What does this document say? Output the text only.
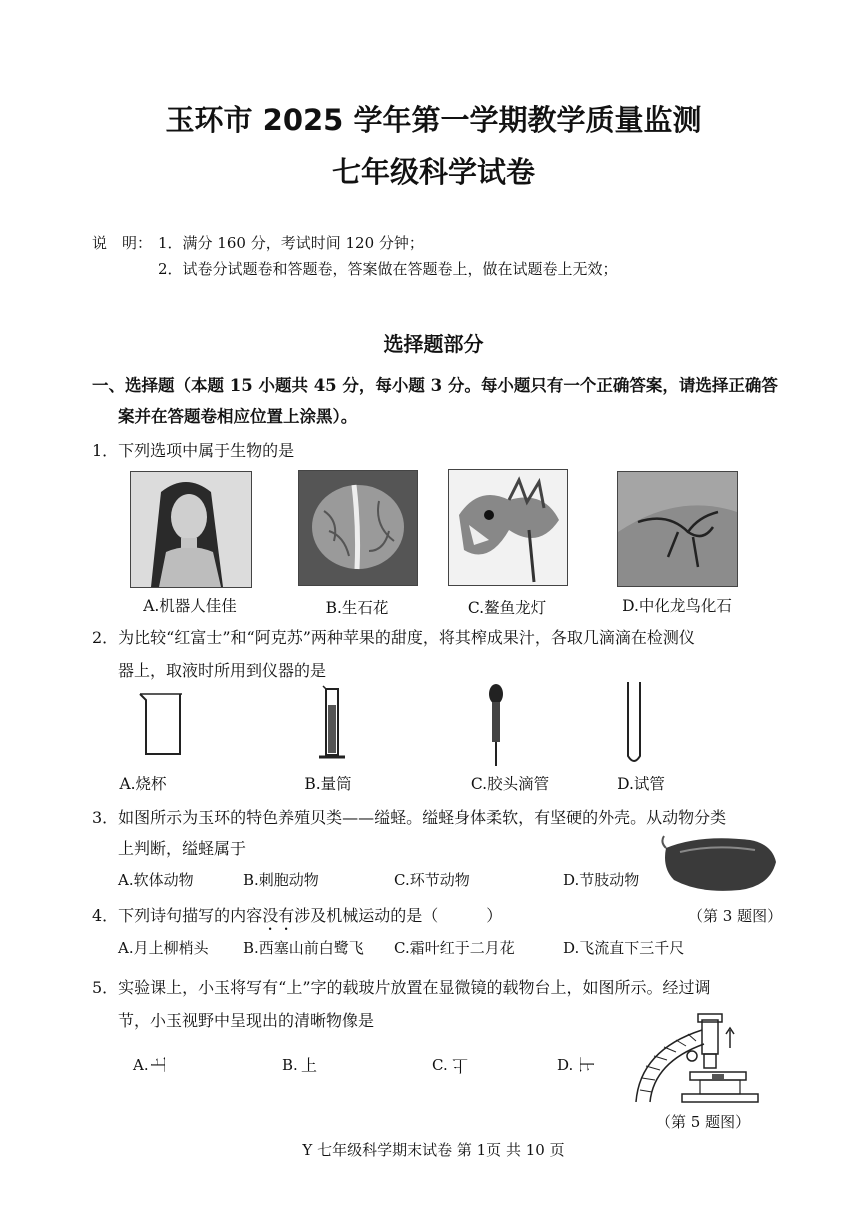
玉环市 2025 学年第一学期教学质量监测
七年级科学试卷
说　明： 1．满分 160 分，考试时间 120 分钟；
2．试卷分试题卷和答题卷，答案做在答题卷上，做在试题卷上无效；
选择题部分
一、选择题（本题 15 小题共 45 分，每小题 3 分。每小题只有一个正确答案，请选择正确答
案并在答题卷相应位置上涂黑）。
1．下列选项中属于生物的是
A.机器人佳佳	B.生石花	C.鳌鱼龙灯	D.中化龙鸟化石
2．为比较“红富士”和“阿克苏”两种苹果的甜度，将其榨成果汁，各取几滴滴在检测仪
器上，取液时所用到仪器的是
A.烧杯	B.量筒	C.胶头滴管	D.试管
3．如图所示为玉环的特色养殖贝类——缢蛏。缢蛏身体柔软，有坚硬的外壳。从动物分类
上判断，缢蛏属于
A.软体动物	B.刺胞动物	C.环节动物	D.节肢动物
（第 3 题图）
4．下列诗句描写的内容没有涉及机械运动的是（　　　）
A.月上柳梢头 B.西塞山前白鹭飞 C.霜叶红于二月花	D.飞流直下三千尺
5．实验课上，小玉将写有“上”字的载玻片放置在显微镜的载物台上，如图所示。经过调
节，小玉视野中呈现出的清晰物像是
A.	B.	C.	D.
上	上	上	上
（第 5 题图）
Y 七年级科学期末试卷 第 1页 共 10 页
